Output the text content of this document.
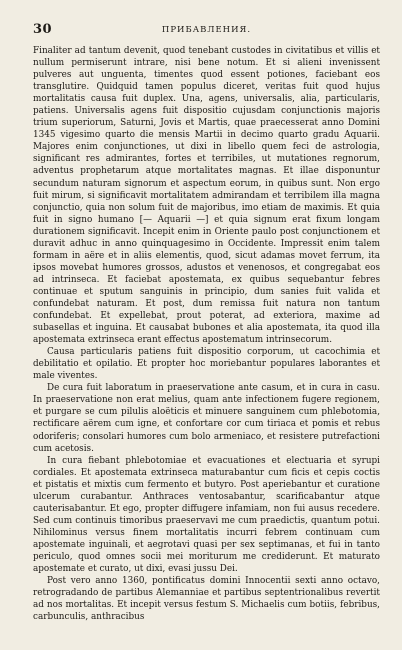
30	ПРИБАВЛЕНИЯ.

Finaliter ad tantum devenit, quod tenebant custodes in civitatibus et villis et nullum permiserunt intrare, nisi bene notum. Et si alieni invenissent pulveres aut unguenta, timentes quod essent potiones, faciebant eos transglutire. Quidquid tamen populus diceret, veritas fuit quod hujus mortalitatis causa fuit duplex. Una, agens, universalis, alia, particularis, patiens. Universalis agens fuit dispositio cujusdam conjunctionis majoris trium superiorum, Saturni, Jovis et Martis, quae praecesserat anno Domini 1345 vigesimo quarto die mensis Martii in decimo quarto gradu Aquarii. Majores enim conjunctiones, ut dixi in libello quem feci de astrologia, significant res admirantes, fortes et terribiles, ut mutationes regnorum, adventus prophetarum atque mortalitates magnas. Et illae disponuntur secundum naturam signorum et aspectum eorum, in quibus sunt. Non ergo fuit mirum, si significavit mortalitatem admirandam et terribilem illa magna conjunctio, quia non solum fuit de majoribus, imo etiam de maximis. Et quia fuit in signo humano [— Aquarii —] et quia signum erat fixum longam durationem significavit. Incepit enim in Oriente paulo post conjunctionem et duravit adhuc in anno quinquagesimo in Occidente. Impressit enim talem formam in aëre et in aliis elementis, quod, sicut adamas movet ferrum, ita ipsos movebat humores grossos, adustos et venenosos, et congregabat eos ad intrinseca. Et faciebat apostemata, ex quibus sequebantur febres continuae et sputum sanguinis in principio, dum sanies fuit valida et confundebat naturam. Et post, dum remissa fuit natura non tantum confundebat. Et expellebat, prout poterat, ad exteriora, maxime ad subasellas et inguina. Et causabat bubones et alia apostemata, ita quod illa apostemata extrinseca erant effectus apostematum intrinsecorum.

Causa particularis patiens fuit dispositio corporum, ut cacochimia et debilitatio et opilatio. Et propter hoc moriebantur populares laborantes et male viventes.

De cura fuit laboratum in praeservatione ante casum, et in cura in casu. In praeservatione non erat melius, quam ante infectionem fugere regionem, et purgare se cum pilulis aloëticis et minuere sanguinem cum phlebotomia, rectificare aërem cum igne, et confortare cor cum tiriaca et pomis et rebus odoriferis; consolari humores cum bolo armeniaco, et resistere putrefactioni cum acetosis.

In cura fiebant phlebotomiae et evacuationes et electuaria et syrupi cordiales. Et apostemata extrinseca maturabantur cum ficis et cepis coctis et pistatis et mixtis cum fermento et butyro. Post aperiebantur et curatione ulcerum curabantur. Anthraces ventosabantur, scarificabantur atque cauterisabantur. Et ego, propter diffugere infamiam, non fui ausus recedere. Sed cum continuis timoribus praeservavi me cum praedictis, quantum potui. Nihilominus versus finem mortalitatis incurri febrem continuam cum apostemate inguinali, et aegrotavi quasi per sex septimanas, et fui in tanto periculo, quod omnes socii mei moriturum me crediderunt. Et maturato apostemate et curato, ut dixi, evasi jussu Dei.

Post vero anno 1360, pontificatus domini Innocentii sexti anno octavo, retrogradando de partibus Alemanniae et partibus septentrionalibus revertit ad nos mortalitas. Et incepit versus festum S. Michaelis cum botiis, febribus, carbunculis, anthracibus
